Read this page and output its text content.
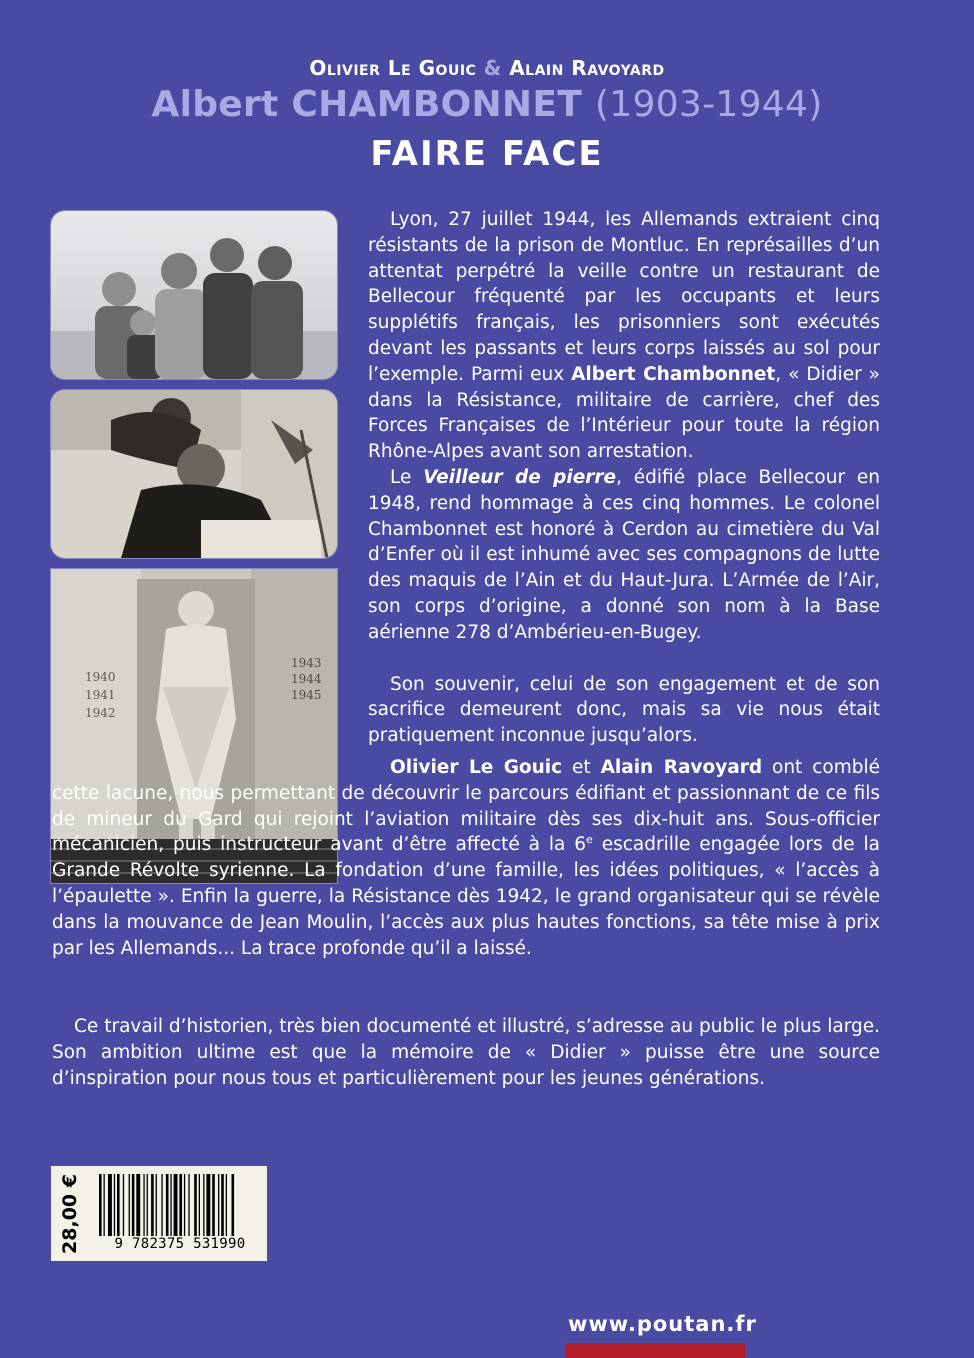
Olivier Le Gouic & Alain Ravoyard
Albert CHAMBONNET (1903-1944)
FAIRE FACE
1940
1941
1942
1943
1944
1945

Lyon, 27 juillet 1944, les Allemands extraient cinq résistants de la prison de Montluc. En représailles d’un attentat perpétré la veille contre un restaurant de Bellecour fréquenté par les occupants et leurs supplétifs français, les prisonniers sont exécutés devant les passants et leurs corps laissés au sol pour l’exemple. Parmi eux Albert Chambonnet, « Didier » dans la Résistance, militaire de carrière, chef des Forces Françaises de l’Intérieur pour toute la région Rhône-Alpes avant son arrestation.

Le Veilleur de pierre, édifié place Bellecour en 1948, rend hommage à ces cinq hommes. Le colonel Chambonnet est honoré à Cerdon au cimetière du Val d’Enfer où il est inhumé avec ses compagnons de lutte des maquis de l’Ain et du Haut-Jura. L’Armée de l’Air, son corps d’origine, a donné son nom à la Base aérienne 278 d’Ambérieu-en-Bugey.

Son souvenir, celui de son engagement et de son sacrifice demeurent donc, mais sa vie nous était pratiquement inconnue jusqu’alors.

Olivier Le Gouic et Alain Ravoyard ont comblé cette lacune, nous permettant de découvrir le parcours édifiant et passionnant de ce fils de mineur du Gard qui rejoint l’aviation militaire dès ses dix-huit ans. Sous-officier mécanicien, puis instructeur avant d’être affecté à la 6e escadrille engagée lors de la Grande Révolte syrienne. La fondation d’une famille, les idées politiques, « l’accès à l’épaulette ». Enfin la guerre, la Résistance dès 1942, le grand organisateur qui se révèle dans la mouvance de Jean Moulin, l’accès aux plus hautes fonctions, sa tête mise à prix par les Allemands... La trace profonde qu’il a laissé.

Ce travail d’historien, très bien documenté et illustré, s’adresse au public le plus large. Son ambition ultime est que la mémoire de « Didier » puisse être une source d’inspiration pour nous tous et particulièrement pour les jeunes générations.

28,00 €	9 782375 531990
www.poutan.fr
